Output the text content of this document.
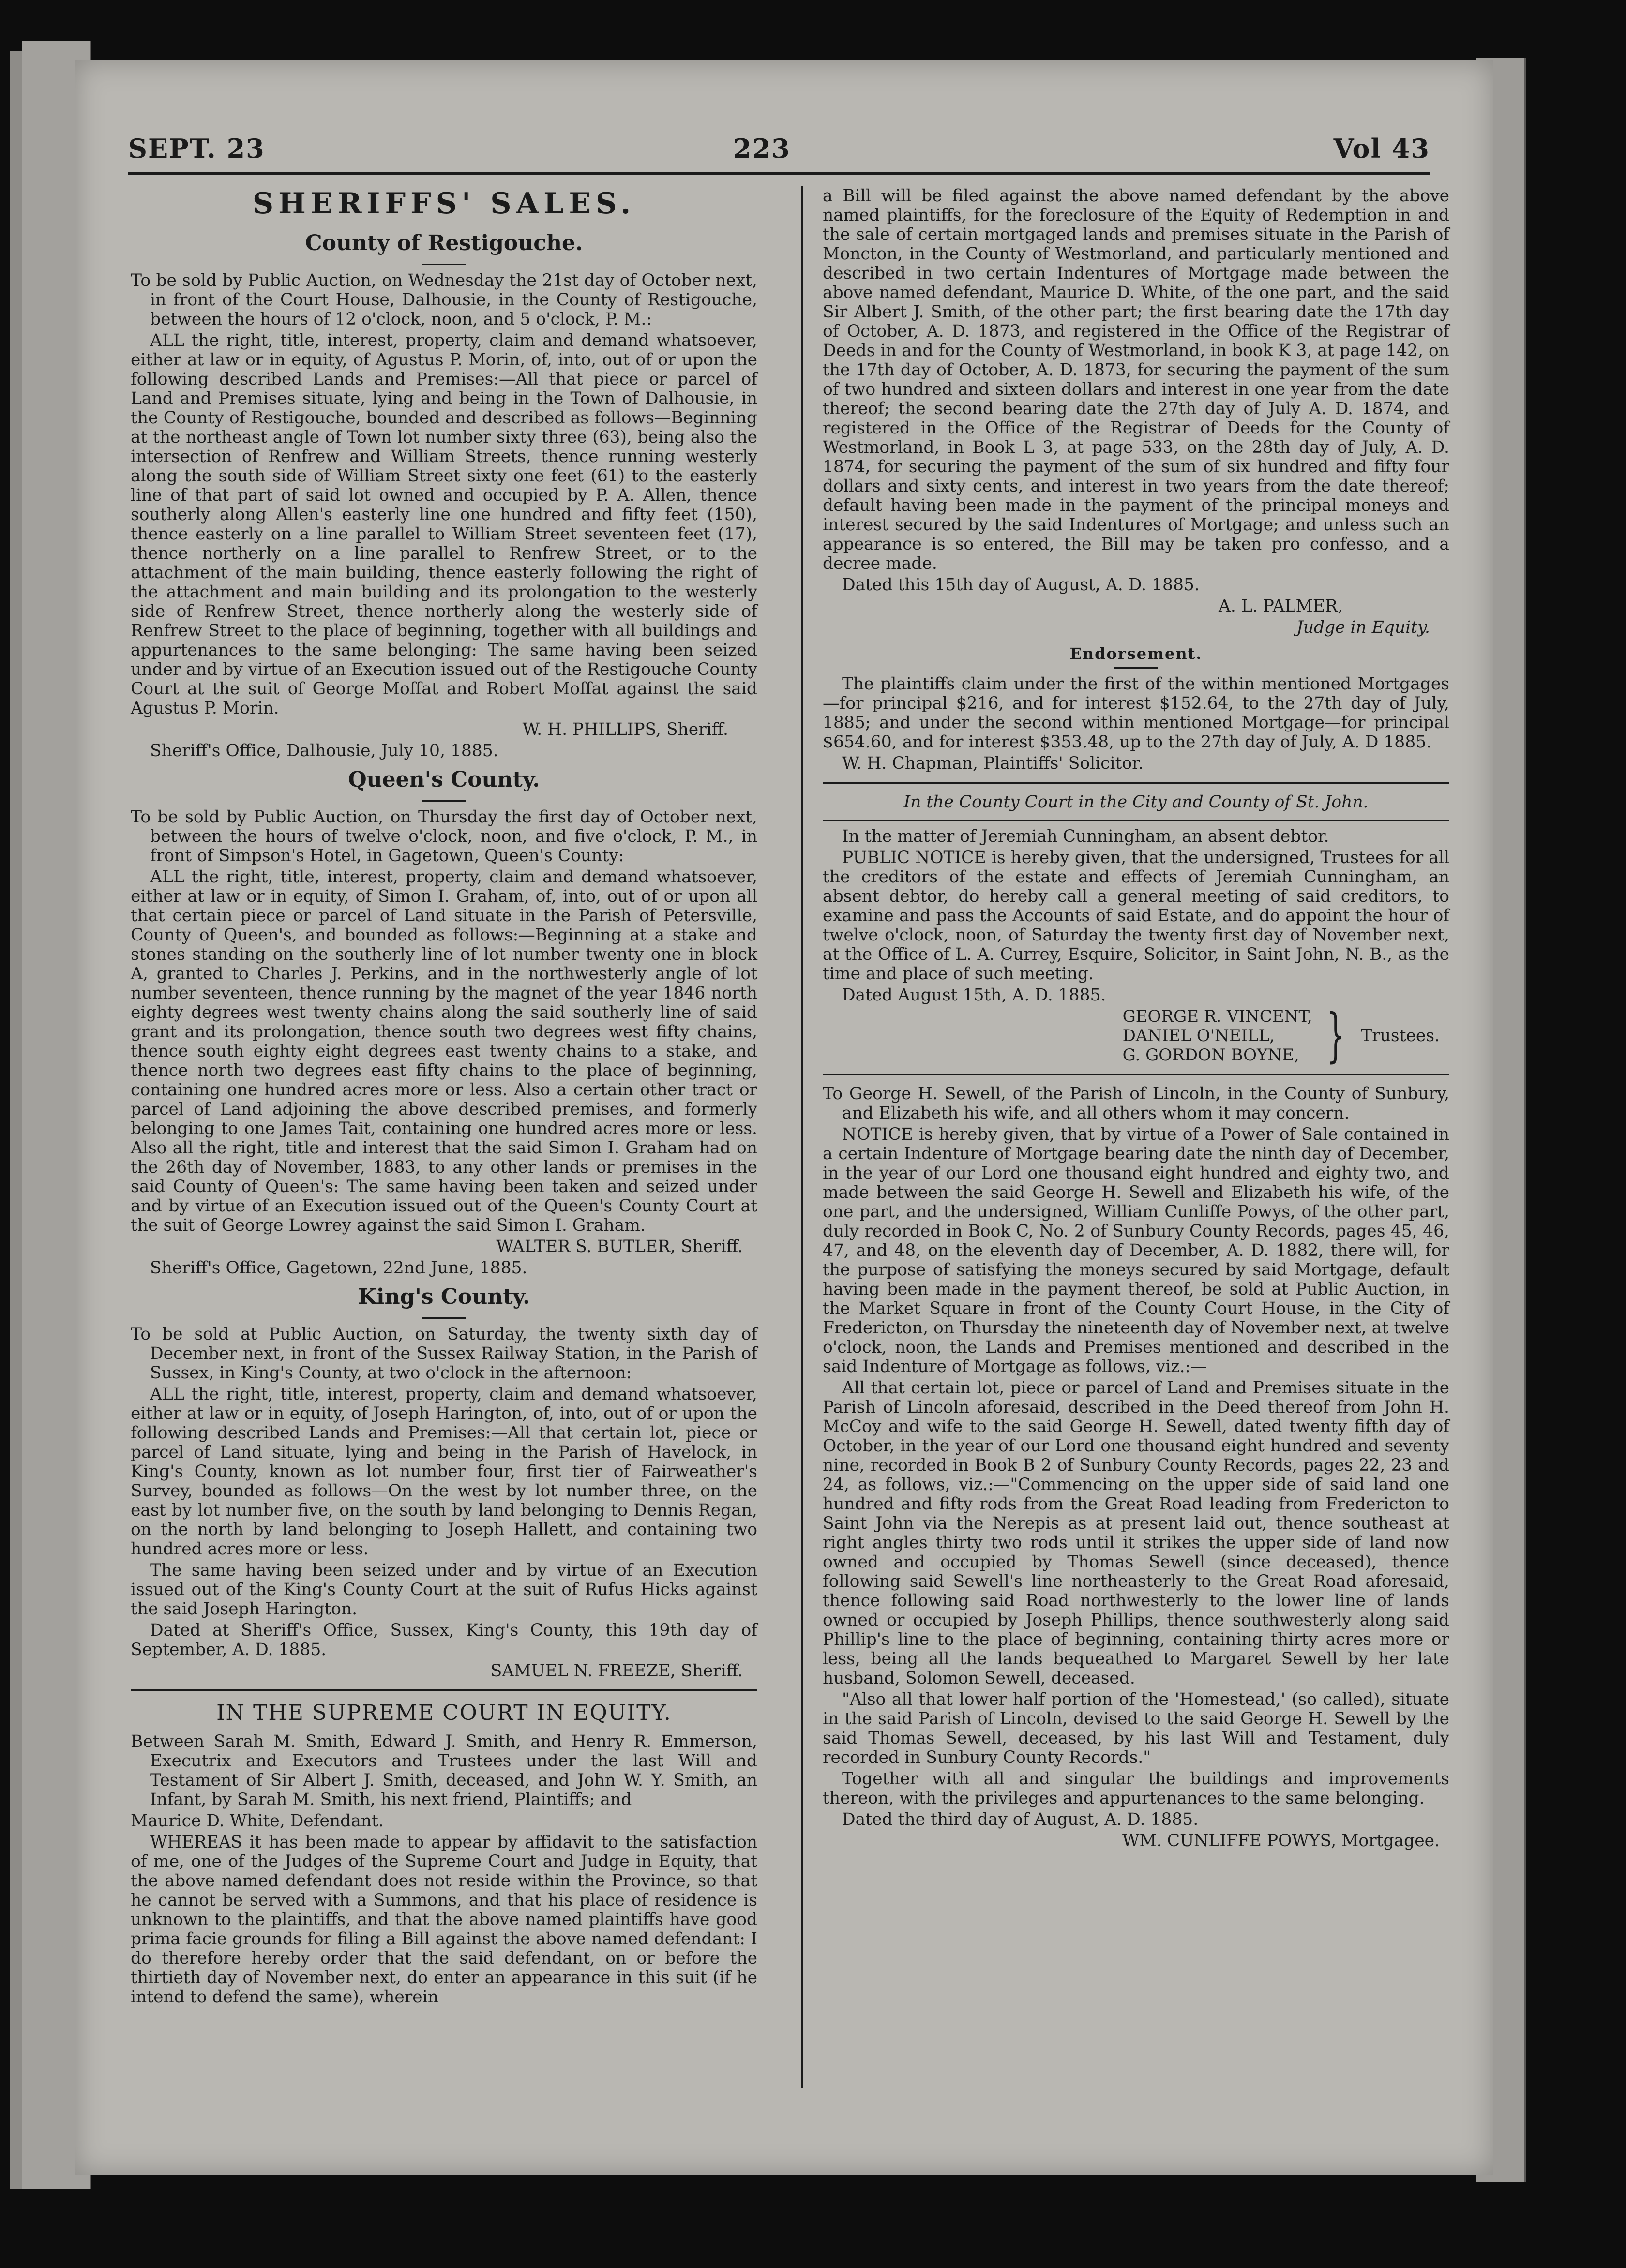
SEPT. 23	223	Vol 43
SHERIFFS' SALES.
County of Restigouche.

To be sold by Public Auction, on Wednesday the 21st day of October next, in front of the Court House, Dalhousie, in the County of Restigouche, between the hours of 12 o'clock, noon, and 5 o'clock, P. M.:

ALL the right, title, interest, property, claim and demand whatsoever, either at law or in equity, of Agustus P. Morin, of, into, out of or upon the following described Lands and Premises:—All that piece or parcel of Land and Premises situate, lying and being in the Town of Dalhousie, in the County of Restigouche, bounded and described as follows—Beginning at the northeast angle of Town lot number sixty three (63), being also the intersection of Renfrew and William Streets, thence running westerly along the south side of William Street sixty one feet (61) to the easterly line of that part of said lot owned and occupied by P. A. Allen, thence southerly along Allen's easterly line one hundred and fifty feet (150), thence easterly on a line parallel to William Street seventeen feet (17), thence northerly on a line parallel to Renfrew Street, or to the attachment of the main building, thence easterly following the right of the attachment and main building and its prolongation to the westerly side of Renfrew Street, thence northerly along the westerly side of Renfrew Street to the place of beginning, together with all buildings and appurtenances to the same belonging: The same having been seized under and by virtue of an Execution issued out of the Restigouche County Court at the suit of George Moffat and Robert Moffat against the said Agustus P. Morin.

W. H. PHILLIPS, Sheriff.

Sheriff's Office, Dalhousie, July 10, 1885.

Queen's County.

To be sold by Public Auction, on Thursday the first day of October next, between the hours of twelve o'clock, noon, and five o'clock, P. M., in front of Simpson's Hotel, in Gagetown, Queen's County:

ALL the right, title, interest, property, claim and demand whatsoever, either at law or in equity, of Simon I. Graham, of, into, out of or upon all that certain piece or parcel of Land situate in the Parish of Petersville, County of Queen's, and bounded as follows:—Beginning at a stake and stones standing on the southerly line of lot number twenty one in block A, granted to Charles J. Perkins, and in the northwesterly angle of lot number seventeen, thence running by the magnet of the year 1846 north eighty degrees west twenty chains along the said southerly line of said grant and its prolongation, thence south two degrees west fifty chains, thence south eighty eight degrees east twenty chains to a stake, and thence north two degrees east fifty chains to the place of beginning, containing one hundred acres more or less. Also a certain other tract or parcel of Land adjoining the above described premises, and formerly belonging to one James Tait, containing one hundred acres more or less. Also all the right, title and interest that the said Simon I. Graham had on the 26th day of November, 1883, to any other lands or premises in the said County of Queen's: The same having been taken and seized under and by virtue of an Execution issued out of the Queen's County Court at the suit of George Lowrey against the said Simon I. Graham.

WALTER S. BUTLER, Sheriff.

Sheriff's Office, Gagetown, 22nd June, 1885.

King's County.

To be sold at Public Auction, on Saturday, the twenty sixth day of December next, in front of the Sussex Railway Station, in the Parish of Sussex, in King's County, at two o'clock in the afternoon:

ALL the right, title, interest, property, claim and demand whatsoever, either at law or in equity, of Joseph Harington, of, into, out of or upon the following described Lands and Premises:—All that certain lot, piece or parcel of Land situate, lying and being in the Parish of Havelock, in King's County, known as lot number four, first tier of Fairweather's Survey, bounded as follows—On the west by lot number three, on the east by lot number five, on the south by land belonging to Dennis Regan, on the north by land belonging to Joseph Hallett, and containing two hundred acres more or less.

The same having been seized under and by virtue of an Execution issued out of the King's County Court at the suit of Rufus Hicks against the said Joseph Harington.

Dated at Sheriff's Office, Sussex, King's County, this 19th day of September, A. D. 1885.

SAMUEL N. FREEZE, Sheriff.

IN THE SUPREME COURT IN EQUITY.

Between Sarah M. Smith, Edward J. Smith, and Henry R. Emmerson, Executrix and Executors and Trustees under the last Will and Testament of Sir Albert J. Smith, deceased, and John W. Y. Smith, an Infant, by Sarah M. Smith, his next friend, Plaintiffs; and

Maurice D. White, Defendant.

WHEREAS it has been made to appear by affidavit to the satisfaction of me, one of the Judges of the Supreme Court and Judge in Equity, that the above named defendant does not reside within the Province, so that he cannot be served with a Summons, and that his place of residence is unknown to the plaintiffs, and that the above named plaintiffs have good prima facie grounds for filing a Bill against the above named defendant: I do therefore hereby order that the said defendant, on or before the thirtieth day of November next, do enter an appearance in this suit (if he intend to defend the same), wherein

a Bill will be filed against the above named defendant by the above named plaintiffs, for the foreclosure of the Equity of Redemption in and the sale of certain mortgaged lands and premises situate in the Parish of Moncton, in the County of Westmorland, and particularly mentioned and described in two certain Indentures of Mortgage made between the above named defendant, Maurice D. White, of the one part, and the said Sir Albert J. Smith, of the other part; the first bearing date the 17th day of October, A. D. 1873, and registered in the Office of the Registrar of Deeds in and for the County of Westmorland, in book K 3, at page 142, on the 17th day of October, A. D. 1873, for securing the payment of the sum of two hundred and sixteen dollars and interest in one year from the date thereof; the second bearing date the 27th day of July A. D. 1874, and registered in the Office of the Registrar of Deeds for the County of Westmorland, in Book L 3, at page 533, on the 28th day of July, A. D. 1874, for securing the payment of the sum of six hundred and fifty four dollars and sixty cents, and interest in two years from the date thereof; default having been made in the payment of the principal moneys and interest secured by the said Indentures of Mortgage; and unless such an appearance is so entered, the Bill may be taken pro confesso, and a decree made.

Dated this 15th day of August, A. D. 1885.

A. L. PALMER,

Judge in Equity.

Endorsement.

The plaintiffs claim under the first of the within mentioned Mortgages—for principal $216, and for interest $152.64, to the 27th day of July, 1885; and under the second within mentioned Mortgage—for principal $654.60, and for interest $353.48, up to the 27th day of July, A. D 1885.

W. H. Chapman, Plaintiffs' Solicitor.

In the County Court in the City and County of St. John.

In the matter of Jeremiah Cunningham, an absent debtor.

PUBLIC NOTICE is hereby given, that the undersigned, Trustees for all the creditors of the estate and effects of Jeremiah Cunningham, an absent debtor, do hereby call a general meeting of said creditors, to examine and pass the Accounts of said Estate, and do appoint the hour of twelve o'clock, noon, of Saturday the twenty first day of November next, at the Office of L. A. Currey, Esquire, Solicitor, in Saint John, N. B., as the time and place of such meeting.

Dated August 15th, A. D. 1885.

GEORGE R. VINCENT,
DANIEL O'NEILL,
G. GORDON BOYNE, } Trustees.

To George H. Sewell, of the Parish of Lincoln, in the County of Sunbury, and Elizabeth his wife, and all others whom it may concern.

NOTICE is hereby given, that by virtue of a Power of Sale contained in a certain Indenture of Mortgage bearing date the ninth day of December, in the year of our Lord one thousand eight hundred and eighty two, and made between the said George H. Sewell and Elizabeth his wife, of the one part, and the undersigned, William Cunliffe Powys, of the other part, duly recorded in Book C, No. 2 of Sunbury County Records, pages 45, 46, 47, and 48, on the eleventh day of December, A. D. 1882, there will, for the purpose of satisfying the moneys secured by said Mortgage, default having been made in the payment thereof, be sold at Public Auction, in the Market Square in front of the County Court House, in the City of Fredericton, on Thursday the nineteenth day of November next, at twelve o'clock, noon, the Lands and Premises mentioned and described in the said Indenture of Mortgage as follows, viz.:—

All that certain lot, piece or parcel of Land and Premises situate in the Parish of Lincoln aforesaid, described in the Deed thereof from John H. McCoy and wife to the said George H. Sewell, dated twenty fifth day of October, in the year of our Lord one thousand eight hundred and seventy nine, recorded in Book B 2 of Sunbury County Records, pages 22, 23 and 24, as follows, viz.:—"Commencing on the upper side of said land one hundred and fifty rods from the Great Road leading from Fredericton to Saint John via the Nerepis as at present laid out, thence southeast at right angles thirty two rods until it strikes the upper side of land now owned and occupied by Thomas Sewell (since deceased), thence following said Sewell's line northeasterly to the Great Road aforesaid, thence following said Road northwesterly to the lower line of lands owned or occupied by Joseph Phillips, thence southwesterly along said Phillip's line to the place of beginning, containing thirty acres more or less, being all the lands bequeathed to Margaret Sewell by her late husband, Solomon Sewell, deceased.

"Also all that lower half portion of the 'Homestead,' (so called), situate in the said Parish of Lincoln, devised to the said George H. Sewell by the said Thomas Sewell, deceased, by his last Will and Testament, duly recorded in Sunbury County Records."

Together with all and singular the buildings and improvements thereon, with the privileges and appurtenances to the same belonging.

Dated the third day of August, A. D. 1885.

WM. CUNLIFFE POWYS, Mortgagee.
